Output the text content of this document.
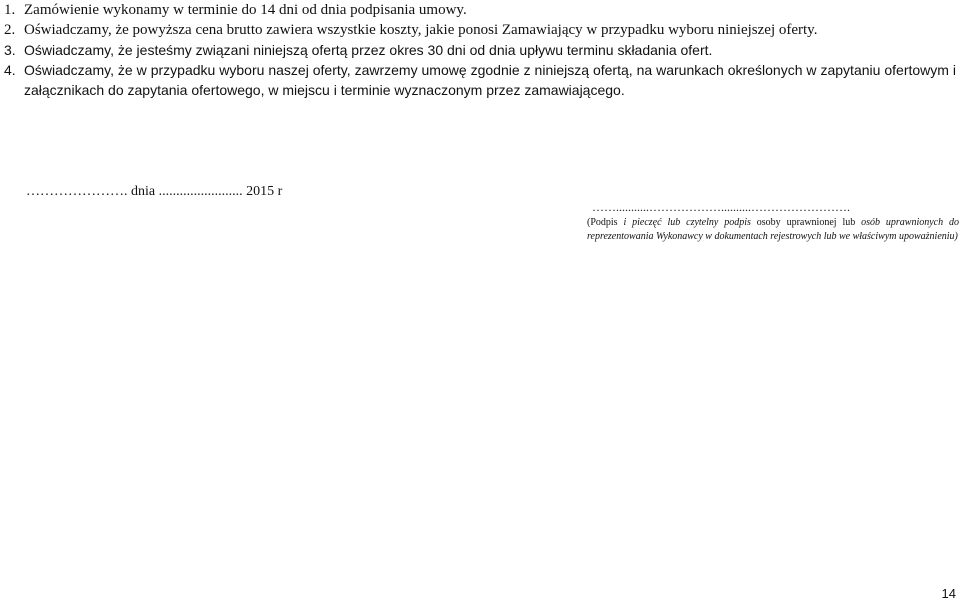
1. Zamówienie wykonamy w terminie do 14 dni od dnia podpisania umowy.
2. Oświadczamy, że powyższa cena brutto zawiera wszystkie koszty, jakie ponosi Zamawiający w przypadku wyboru niniejszej oferty.
3. Oświadczamy, że jesteśmy związani niniejszą ofertą przez okres 30 dni od dnia upływu terminu składania ofert.
4. Oświadczamy, że w przypadku wyboru naszej oferty, zawrzemy umowę zgodnie z niniejszą ofertą, na warunkach określonych w zapytaniu ofertowym i załącznikach do zapytania ofertowego, w miejscu i terminie wyznaczonym przez zamawiającego.
…………………. dnia ........................ 2015 r
……...........………………..........…………………….
(Podpis i pieczęć lub czytelny podpis osoby uprawnionej lub osób uprawnionych do reprezentowania Wykonawcy w dokumentach rejestrowych lub we właściwym upoważnieniu)
14
